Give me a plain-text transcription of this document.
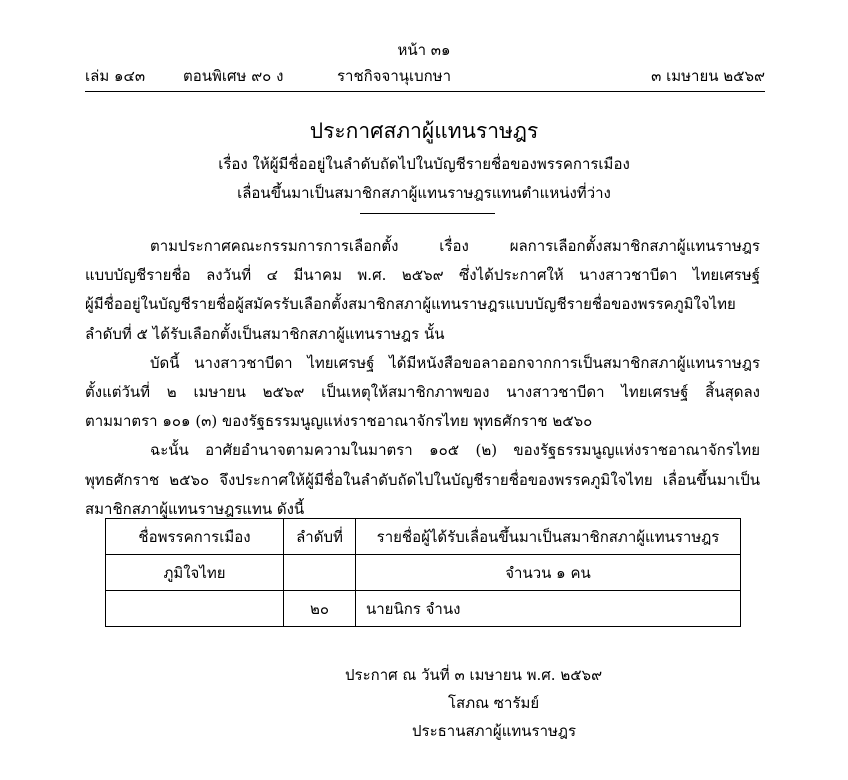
หน้า ๓๑
เล่ม ๑๔๓	ตอนพิเศษ ๙๐ ง	ราชกิจจานุเบกษา	๓ เมษายน ๒๕๖๙
ประกาศสภาผู้แทนราษฎร
เรื่อง ให้ผู้มีชื่ออยู่ในลำดับถัดไปในบัญชีรายชื่อของพรรคการเมือง
เลื่อนขึ้นมาเป็นสมาชิกสภาผู้แทนราษฎรแทนตำแหน่งที่ว่าง
ตามประกาศคณะกรรมการการเลือกตั้ง เรื่อง ผลการเลือกตั้งสมาชิกสภาผู้แทนราษฎร
แบบบัญชีรายชื่อ ลงวันที่ ๔ มีนาคม พ.ศ. ๒๕๖๙ ซึ่งได้ประกาศให้ นางสาวชาบีดา ไทยเศรษฐ์
ผู้มีชื่ออยู่ในบัญชีรายชื่อผู้สมัครรับเลือกตั้งสมาชิกสภาผู้แทนราษฎรแบบบัญชีรายชื่อของพรรคภูมิใจไทย
ลำดับที่ ๕ ได้รับเลือกตั้งเป็นสมาชิกสภาผู้แทนราษฎร นั้น
บัดนี้ นางสาวชาบีดา ไทยเศรษฐ์ ได้มีหนังสือขอลาออกจากการเป็นสมาชิกสภาผู้แทนราษฎร
ตั้งแต่วันที่ ๒ เมษายน ๒๕๖๙ เป็นเหตุให้สมาชิกภาพของ นางสาวชาบีดา ไทยเศรษฐ์ สิ้นสุดลง
ตามมาตรา ๑๐๑ (๓) ของรัฐธรรมนูญแห่งราชอาณาจักรไทย พุทธศักราช ๒๕๖๐
ฉะนั้น อาศัยอำนาจตามความในมาตรา ๑๐๕ (๒) ของรัฐธรรมนูญแห่งราชอาณาจักรไทย
พุทธศักราช ๒๕๖๐ จึงประกาศให้ผู้มีชื่อในลำดับถัดไปในบัญชีรายชื่อของพรรคภูมิใจไทย เลื่อนขึ้นมาเป็น
สมาชิกสภาผู้แทนราษฎรแทน ดังนี้
ชื่อพรรคการเมือง	ลำดับที่	รายชื่อผู้ได้รับเลื่อนขึ้นมาเป็นสมาชิกสภาผู้แทนราษฎร
ภูมิใจไทย		จำนวน ๑ คน
	๒๐	นายนิกร จำนง
ประกาศ ณ วันที่ ๓ เมษายน พ.ศ. ๒๕๖๙
โสภณ ซารัมย์
ประธานสภาผู้แทนราษฎร
